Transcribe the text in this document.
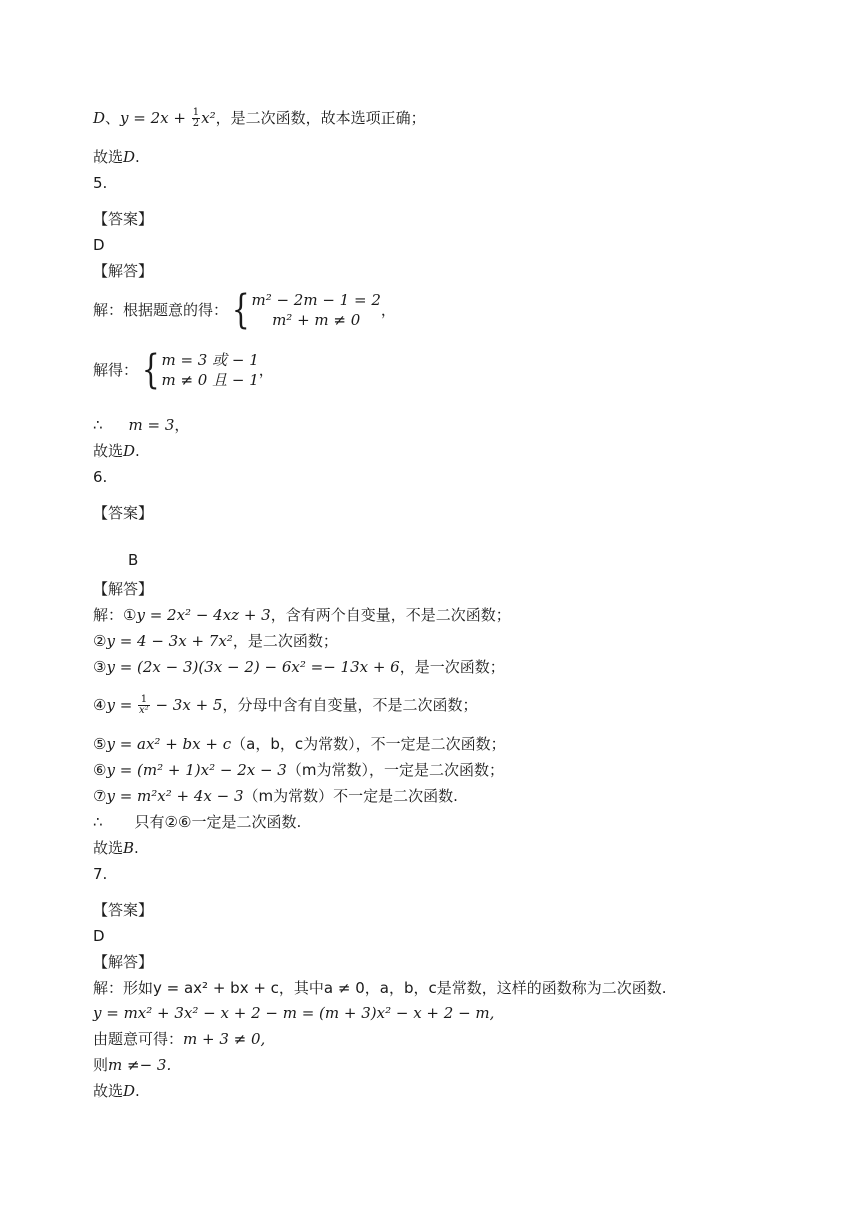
D、$y = 2x + \frac{1}{2} x^2$，是二次函数，故本选项正确；
故选D.
5.
【答案】
D
【解答】
解：根据题意的得： { m² − 2m − 1 = 2
m² + m ≠ 0
，
解得： { m = 3 或 − 1
m ≠ 0 且 − 1
，
∴ m = 3，
故选D.
6.
【答案】
B
【解答】
解：①y = 2x² − 4xz + 3，含有两个自变量，不是二次函数；
②y = 4 − 3x + 7x²，是二次函数；
③y = (2x − 3)(3x − 2) − 6x² =− 13x + 6，是一次函数；
④y = $\frac{1}{\text{x²}} - 3x + 5$，分母中含有自变量，不是二次函数；
⑤y = ax² + bx + c（a，b，c为常数），不一定是二次函数；
⑥y = (m² + 1)x² − 2x − 3（m为常数），一定是二次函数；
⑦y = m²x² + 4x − 3（m为常数）不一定是二次函数.
∴ 只有②⑥一定是二次函数.
故选B.
7.
【答案】
D
【解答】
解：形如y = ax² + bx + c，其中a ≠ 0，a，b，c是常数，这样的函数称为二次函数.
y = mx² + 3x² − x + 2 − m = (m + 3)x² − x + 2 − m,
由题意可得：m + 3 ≠ 0,
则m ≠− 3.
故选D.
